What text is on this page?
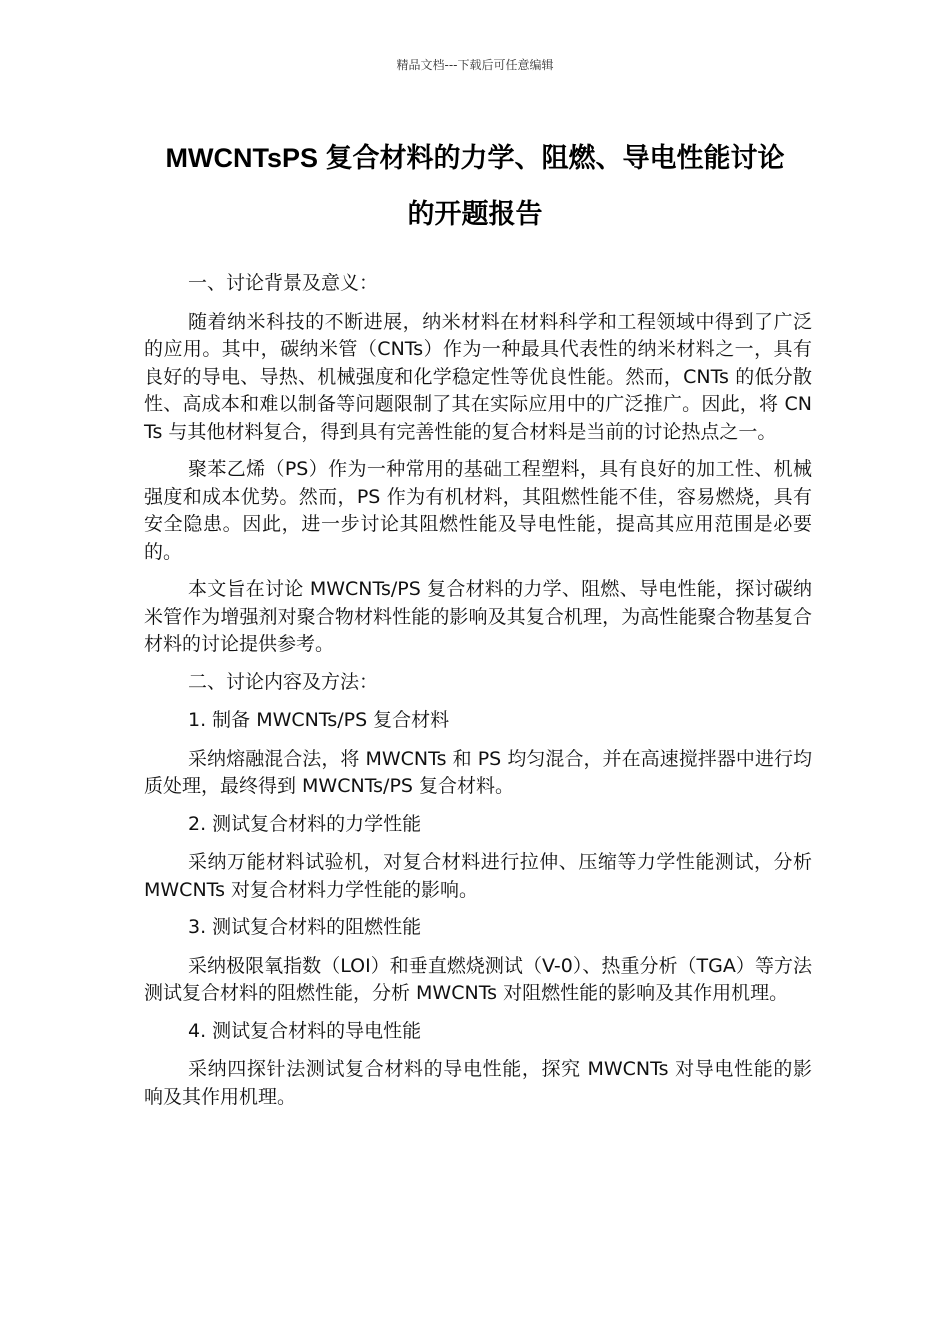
精品文档---下载后可任意编辑
MWCNTsPS 复合材料的力学、阻燃、导电性能讨论
的开题报告

一、讨论背景及意义：

随着纳米科技的不断进展，纳米材料在材料科学和工程领域中得到了广泛的应用。其中，碳纳米管（CNTs）作为一种最具代表性的纳米材料之一，具有良好的导电、导热、机械强度和化学稳定性等优良性能。然而，CNTs 的低分散性、高成本和难以制备等问题限制了其在实际应用中的广泛推广。因此，将 CNTs 与其他材料复合，得到具有完善性能的复合材料是当前的讨论热点之一。

聚苯乙烯（PS）作为一种常用的基础工程塑料，具有良好的加工性、机械强度和成本优势。然而，PS 作为有机材料，其阻燃性能不佳，容易燃烧，具有安全隐患。因此，进一步讨论其阻燃性能及导电性能，提高其应用范围是必要的。

本文旨在讨论 MWCNTs/PS 复合材料的力学、阻燃、导电性能，探讨碳纳米管作为增强剂对聚合物材料性能的影响及其复合机理，为高性能聚合物基复合材料的讨论提供参考。

二、讨论内容及方法：

1. 制备 MWCNTs/PS 复合材料

采纳熔融混合法，将 MWCNTs 和 PS 均匀混合，并在高速搅拌器中进行均质处理，最终得到 MWCNTs/PS 复合材料。

2. 测试复合材料的力学性能

采纳万能材料试验机，对复合材料进行拉伸、压缩等力学性能测试，分析 MWCNTs 对复合材料力学性能的影响。

3. 测试复合材料的阻燃性能

采纳极限氧指数（LOI）和垂直燃烧测试（V-0）、热重分析（TGA）等方法测试复合材料的阻燃性能，分析 MWCNTs 对阻燃性能的影响及其作用机理。

4. 测试复合材料的导电性能

采纳四探针法测试复合材料的导电性能，探究 MWCNTs 对导电性能的影响及其作用机理。
